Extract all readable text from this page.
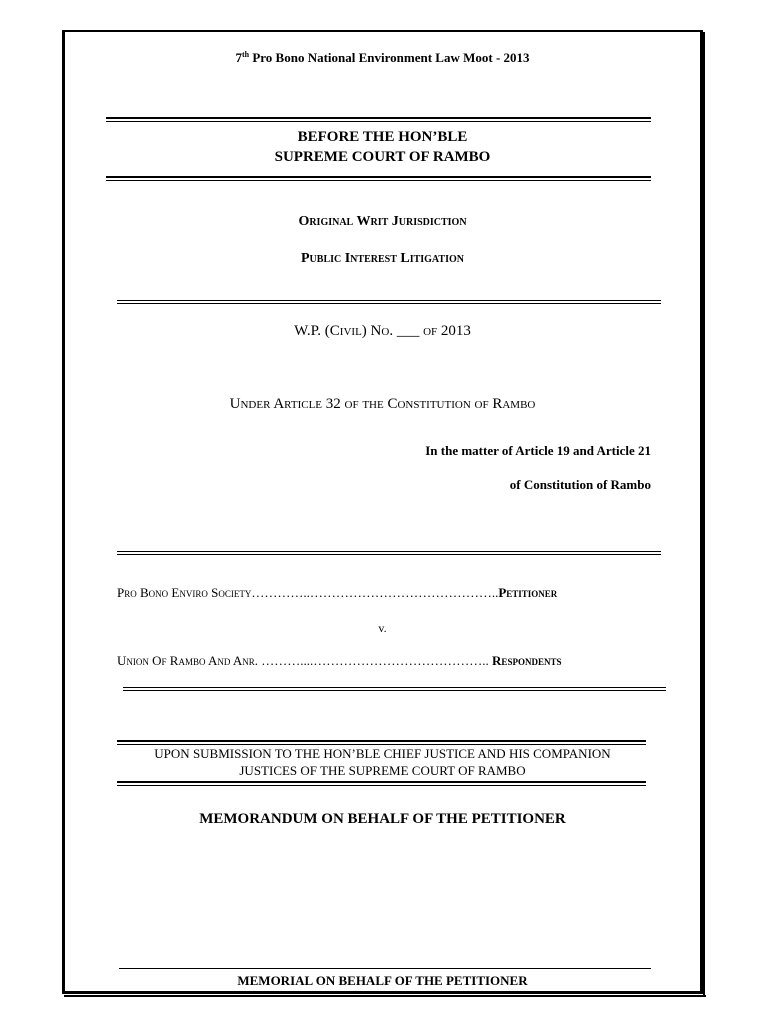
7th Pro Bono National Environment Law Moot - 2013
BEFORE THE HON’BLE
SUPREME COURT OF RAMBO
Original Writ Jurisdiction
Public Interest Litigation
W.P. (Civil) No. ___ of 2013
Under Article 32 of the Constitution of Rambo
In the matter of Article 19 and Article 21
of Constitution of Rambo
Pro Bono Enviro Society…………..……………………………………..Petitioner
v.
Union Of Rambo And Anr. ………....………………………………….. Respondents
UPON SUBMISSION TO THE HON’BLE CHIEF JUSTICE AND HIS COMPANION
JUSTICES OF THE SUPREME COURT OF RAMBO
MEMORANDUM ON BEHALF OF THE PETITIONER
MEMORIAL ON BEHALF OF THE PETITIONER
